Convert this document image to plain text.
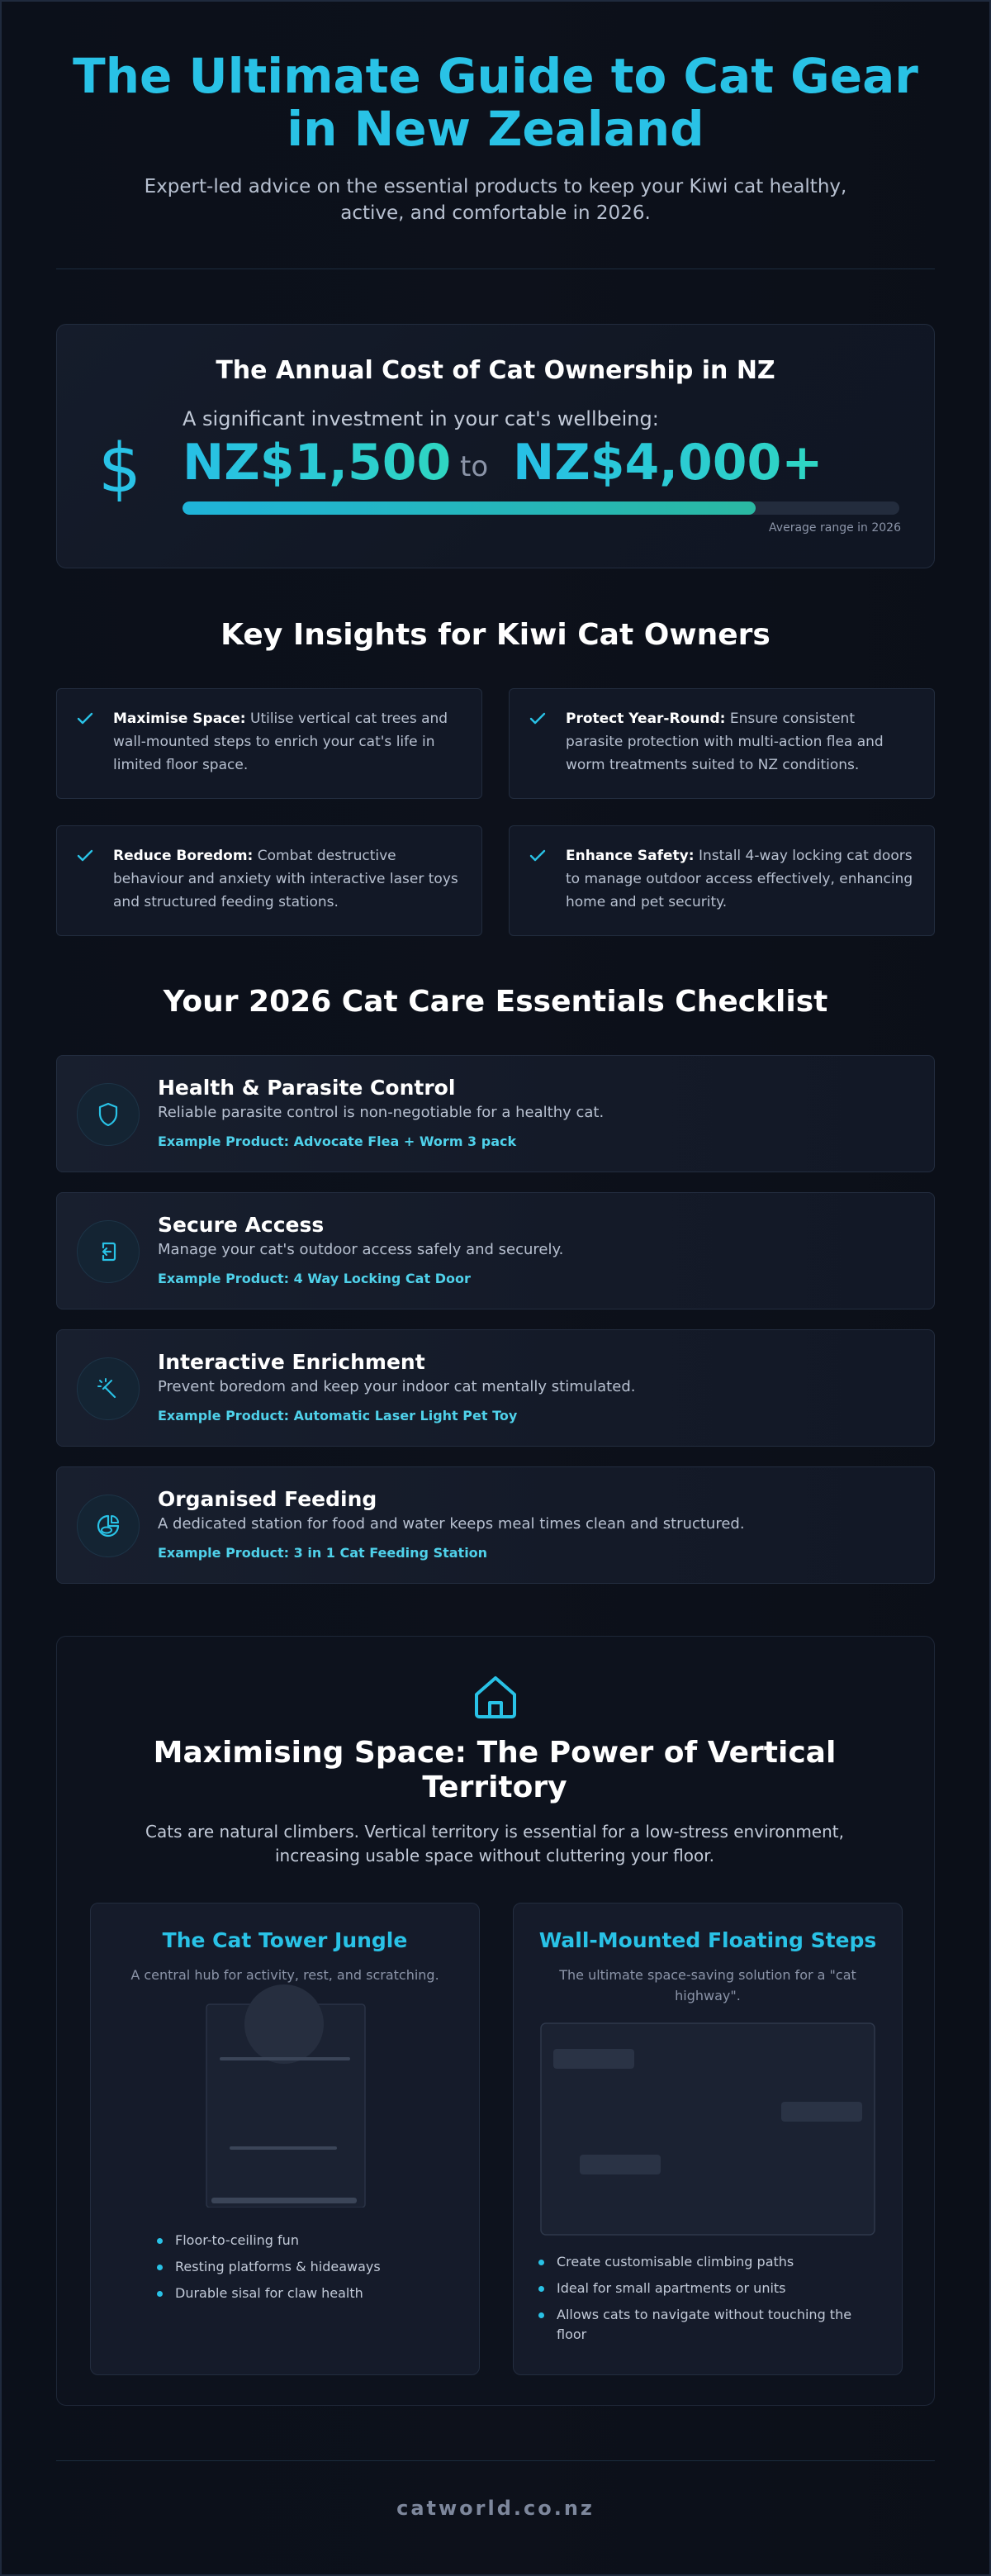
The Ultimate Guide to Cat Gear in New Zealand
Expert-led advice on the essential products to keep your Kiwi cat healthy, active, and comfortable in 2026.
The Annual Cost of Cat Ownership in NZ
$
A significant investment in your cat's wellbeing:
NZ$1,500 to NZ$4,000+
Average range in 2026
Key Insights for Kiwi Cat Owners
Maximise Space: Utilise vertical cat trees and wall-mounted steps to enrich your cat's life in limited floor space.
Protect Year-Round: Ensure consistent parasite protection with multi-action flea and worm treatments suited to NZ conditions.
Reduce Boredom: Combat destructive behaviour and anxiety with interactive laser toys and structured feeding stations.
Enhance Safety: Install 4-way locking cat doors to manage outdoor access effectively, enhancing home and pet security.
Your 2026 Cat Care Essentials Checklist
Health & Parasite Control
Reliable parasite control is non-negotiable for a healthy cat.
Example Product: Advocate Flea + Worm 3 pack
Secure Access
Manage your cat's outdoor access safely and securely.
Example Product: 4 Way Locking Cat Door
Interactive Enrichment
Prevent boredom and keep your indoor cat mentally stimulated.
Example Product: Automatic Laser Light Pet Toy
Organised Feeding
A dedicated station for food and water keeps meal times clean and structured.
Example Product: 3 in 1 Cat Feeding Station
Maximising Space: The Power of Vertical Territory
Cats are natural climbers. Vertical territory is essential for a low-stress environment, increasing usable space without cluttering your floor.
The Cat Tower Jungle
A central hub for activity, rest, and scratching.
Floor-to-ceiling fun
Resting platforms & hideaways
Durable sisal for claw health
Wall-Mounted Floating Steps
The ultimate space-saving solution for a "cat highway".
Create customisable climbing paths
Ideal for small apartments or units
Allows cats to navigate without touching the floor
catworld.co.nz
